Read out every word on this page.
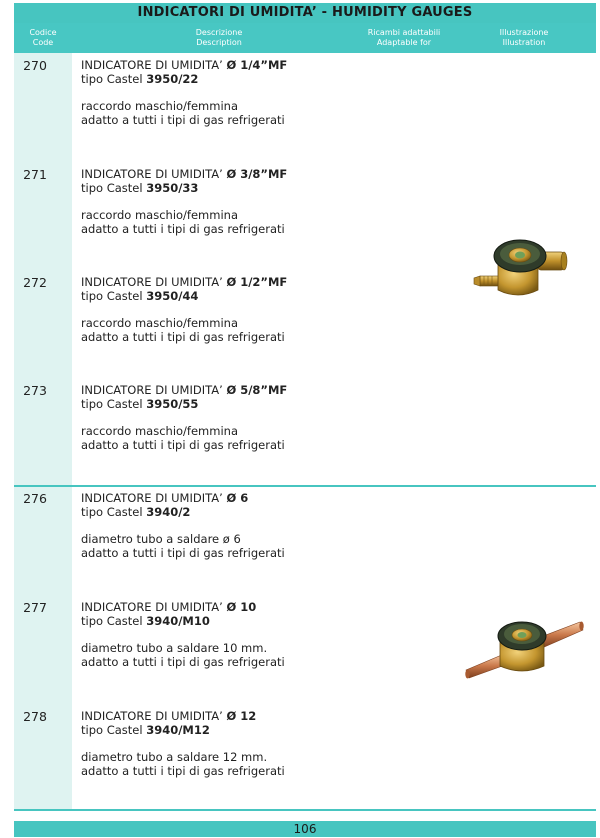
INDICATORI DI UMIDITA’ - HUMIDITY GAUGES
Codice
Code
Descrizione
Description
Ricambi adattabili
Adaptable for
Illustrazione
Illustration
270	INDICATORE DI UMIDITA’ Ø 1/4”MF
tipo Castel 3950/22
raccordo maschio/femmina
adatto a tutti i tipi di gas refrigerati
271	INDICATORE DI UMIDITA’ Ø 3/8”MF
tipo Castel 3950/33
raccordo maschio/femmina
adatto a tutti i tipi di gas refrigerati
272	INDICATORE DI UMIDITA’ Ø 1/2”MF
tipo Castel 3950/44
raccordo maschio/femmina
adatto a tutti i tipi di gas refrigerati
273	INDICATORE DI UMIDITA’ Ø 5/8”MF
tipo Castel 3950/55
raccordo maschio/femmina
adatto a tutti i tipi di gas refrigerati
276	INDICATORE DI UMIDITA’ Ø 6
tipo Castel 3940/2
diametro tubo a saldare ø 6
adatto a tutti i tipi di gas refrigerati
277	INDICATORE DI UMIDITA’ Ø 10
tipo Castel 3940/M10
diametro tubo a saldare 10 mm.
adatto a tutti i tipi di gas refrigerati
278	INDICATORE DI UMIDITA’ Ø 12
tipo Castel 3940/M12
diametro tubo a saldare 12 mm.
adatto a tutti i tipi di gas refrigerati
106
